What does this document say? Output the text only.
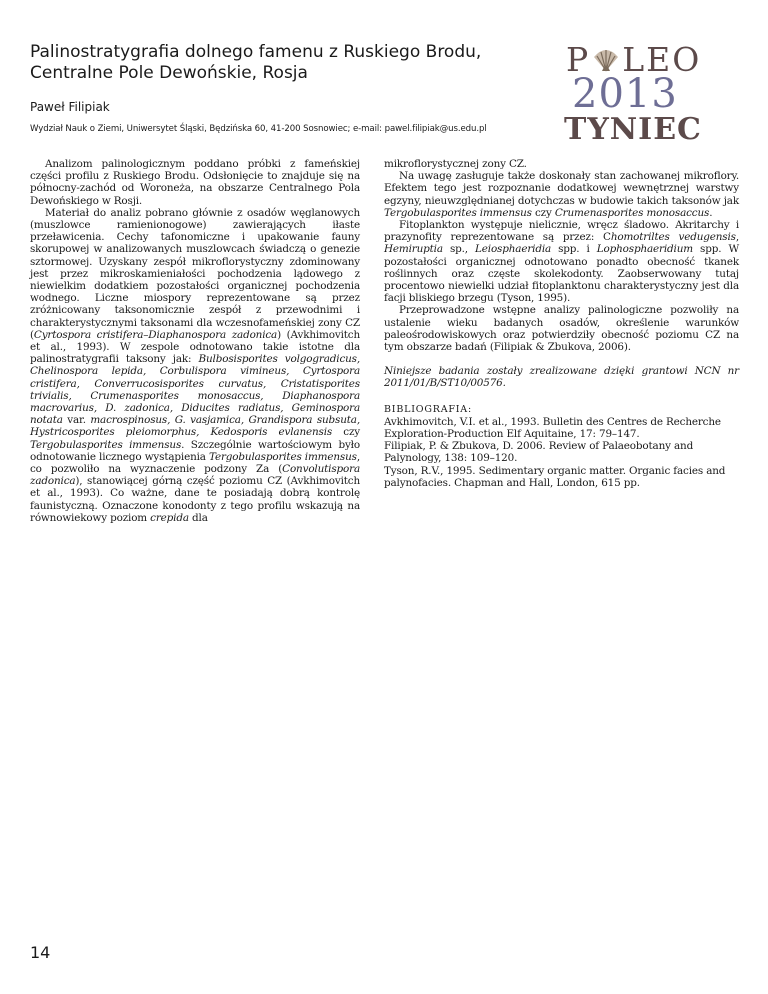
Palinostratygrafia dolnego famenu z Ruskiego Brodu,
Centralne Pole Dewońskie, Rosja
Paweł Filipiak
Wydział Nauk o Ziemi, Uniwersytet Śląski, Będzińska 60, 41-200 Sosnowiec; e-mail: pawel.filipiak@us.edu.pl
P LEO
2013
TYNIEC

Analizom palinologicznym poddano próbki z fameńskiej części profilu z Ruskiego Brodu. Odsłonięcie to znajduje się na północny-zachód od Woroneża, na obszarze Centralnego Pola Dewońskiego w Rosji.

Materiał do analiz pobrano głównie z osadów węglanowych (muszlowce ramienionogowe) zawierających iłaste przeławicenia. Cechy tafonomiczne i upakowanie fauny skorupowej w analizowanych muszlowcach świadczą o genezie sztormowej. Uzyskany zespół mikroflorystyczny zdominowany jest przez mikroskamieniałości pochodzenia lądowego z niewielkim dodatkiem pozostałości organicznej pochodzenia wodnego. Liczne miospory reprezentowane są przez zróżnicowany taksonomicznie zespół z przewodnimi i charakterystycznymi taksonami dla wczesnofameńskiej zony CZ (Cyrtospora cristifera–Diaphanospora zadonica) (Avkhimovitch et al., 1993). W zespole odnotowano takie istotne dla palinostratygrafii taksony jak: Bulbosisporites volgogradicus, Chelinospora lepida, Corbulispora vimineus, Cyrtospora cristifera, Converrucosisporites curvatus, Cristatisporites trivialis, Crumenasporites monosaccus, Diaphanospora macrovarius, D. zadonica, Diducites radiatus, Geminospora notata var. macrospinosus, G. vasjamica, Grandispora subsuta, Hystricosporites pleiomorphus, Kedosporis evlanensis czy Tergobulasporites immensus. Szczególnie wartościowym było odnotowanie licznego wystąpienia Tergobulasporites immensus, co pozwoliło na wyznaczenie podzony Za (Convolutispora zadonica), stanowiącej górną część poziomu CZ (Avkhimovitch et al., 1993). Co ważne, dane te posiadają dobrą kontrolę faunistyczną. Oznaczone konodonty z tego profilu wskazują na równowiekowy poziom crepida dla

mikroflorystycznej zony CZ.

Na uwagę zasługuje także doskonały stan zachowanej mikroflory. Efektem tego jest rozpoznanie dodatkowej wewnętrznej warstwy egzyny, nieuwzględnianej dotychczas w budowie takich taksonów jak Tergobulasporites immensus czy Crumenasporites monosaccus.

Fitoplankton występuje nielicznie, wręcz śladowo. Akritarchy i prazynofity reprezentowane są przez: Chomotriltes vedugensis, Hemiruptia sp., Leiosphaeridia spp. i Lophosphaeridium spp. W pozostałości organicznej odnotowano ponadto obecność tkanek roślinnych oraz częste skolekodonty. Zaobserwowany tutaj procentowo niewielki udział fitoplanktonu charakterystyczny jest dla facji bliskiego brzegu (Tyson, 1995).

Przeprowadzone wstępne analizy palinologiczne pozwoliły na ustalenie wieku badanych osadów, określenie warunków paleośrodowiskowych oraz potwierdziły obecność poziomu CZ na tym obszarze badań (Filipiak & Zbukova, 2006).

Niniejsze badania zostały zrealizowane dzięki grantowi NCN nr 2011/01/B/ST10/00576.

BIBLIOGRAFIA:

Avkhimovitch, V.I. et al., 1993. Bulletin des Centres de Recherche Exploration-Production Elf Aquitaine, 17: 79–147.

Filipiak, P. & Zbukova, D. 2006. Review of Palaeobotany and Palynology, 138: 109–120.

Tyson, R.V., 1995. Sedimentary organic matter. Organic facies and palynofacies. Chapman and Hall, London, 615 pp.

14
